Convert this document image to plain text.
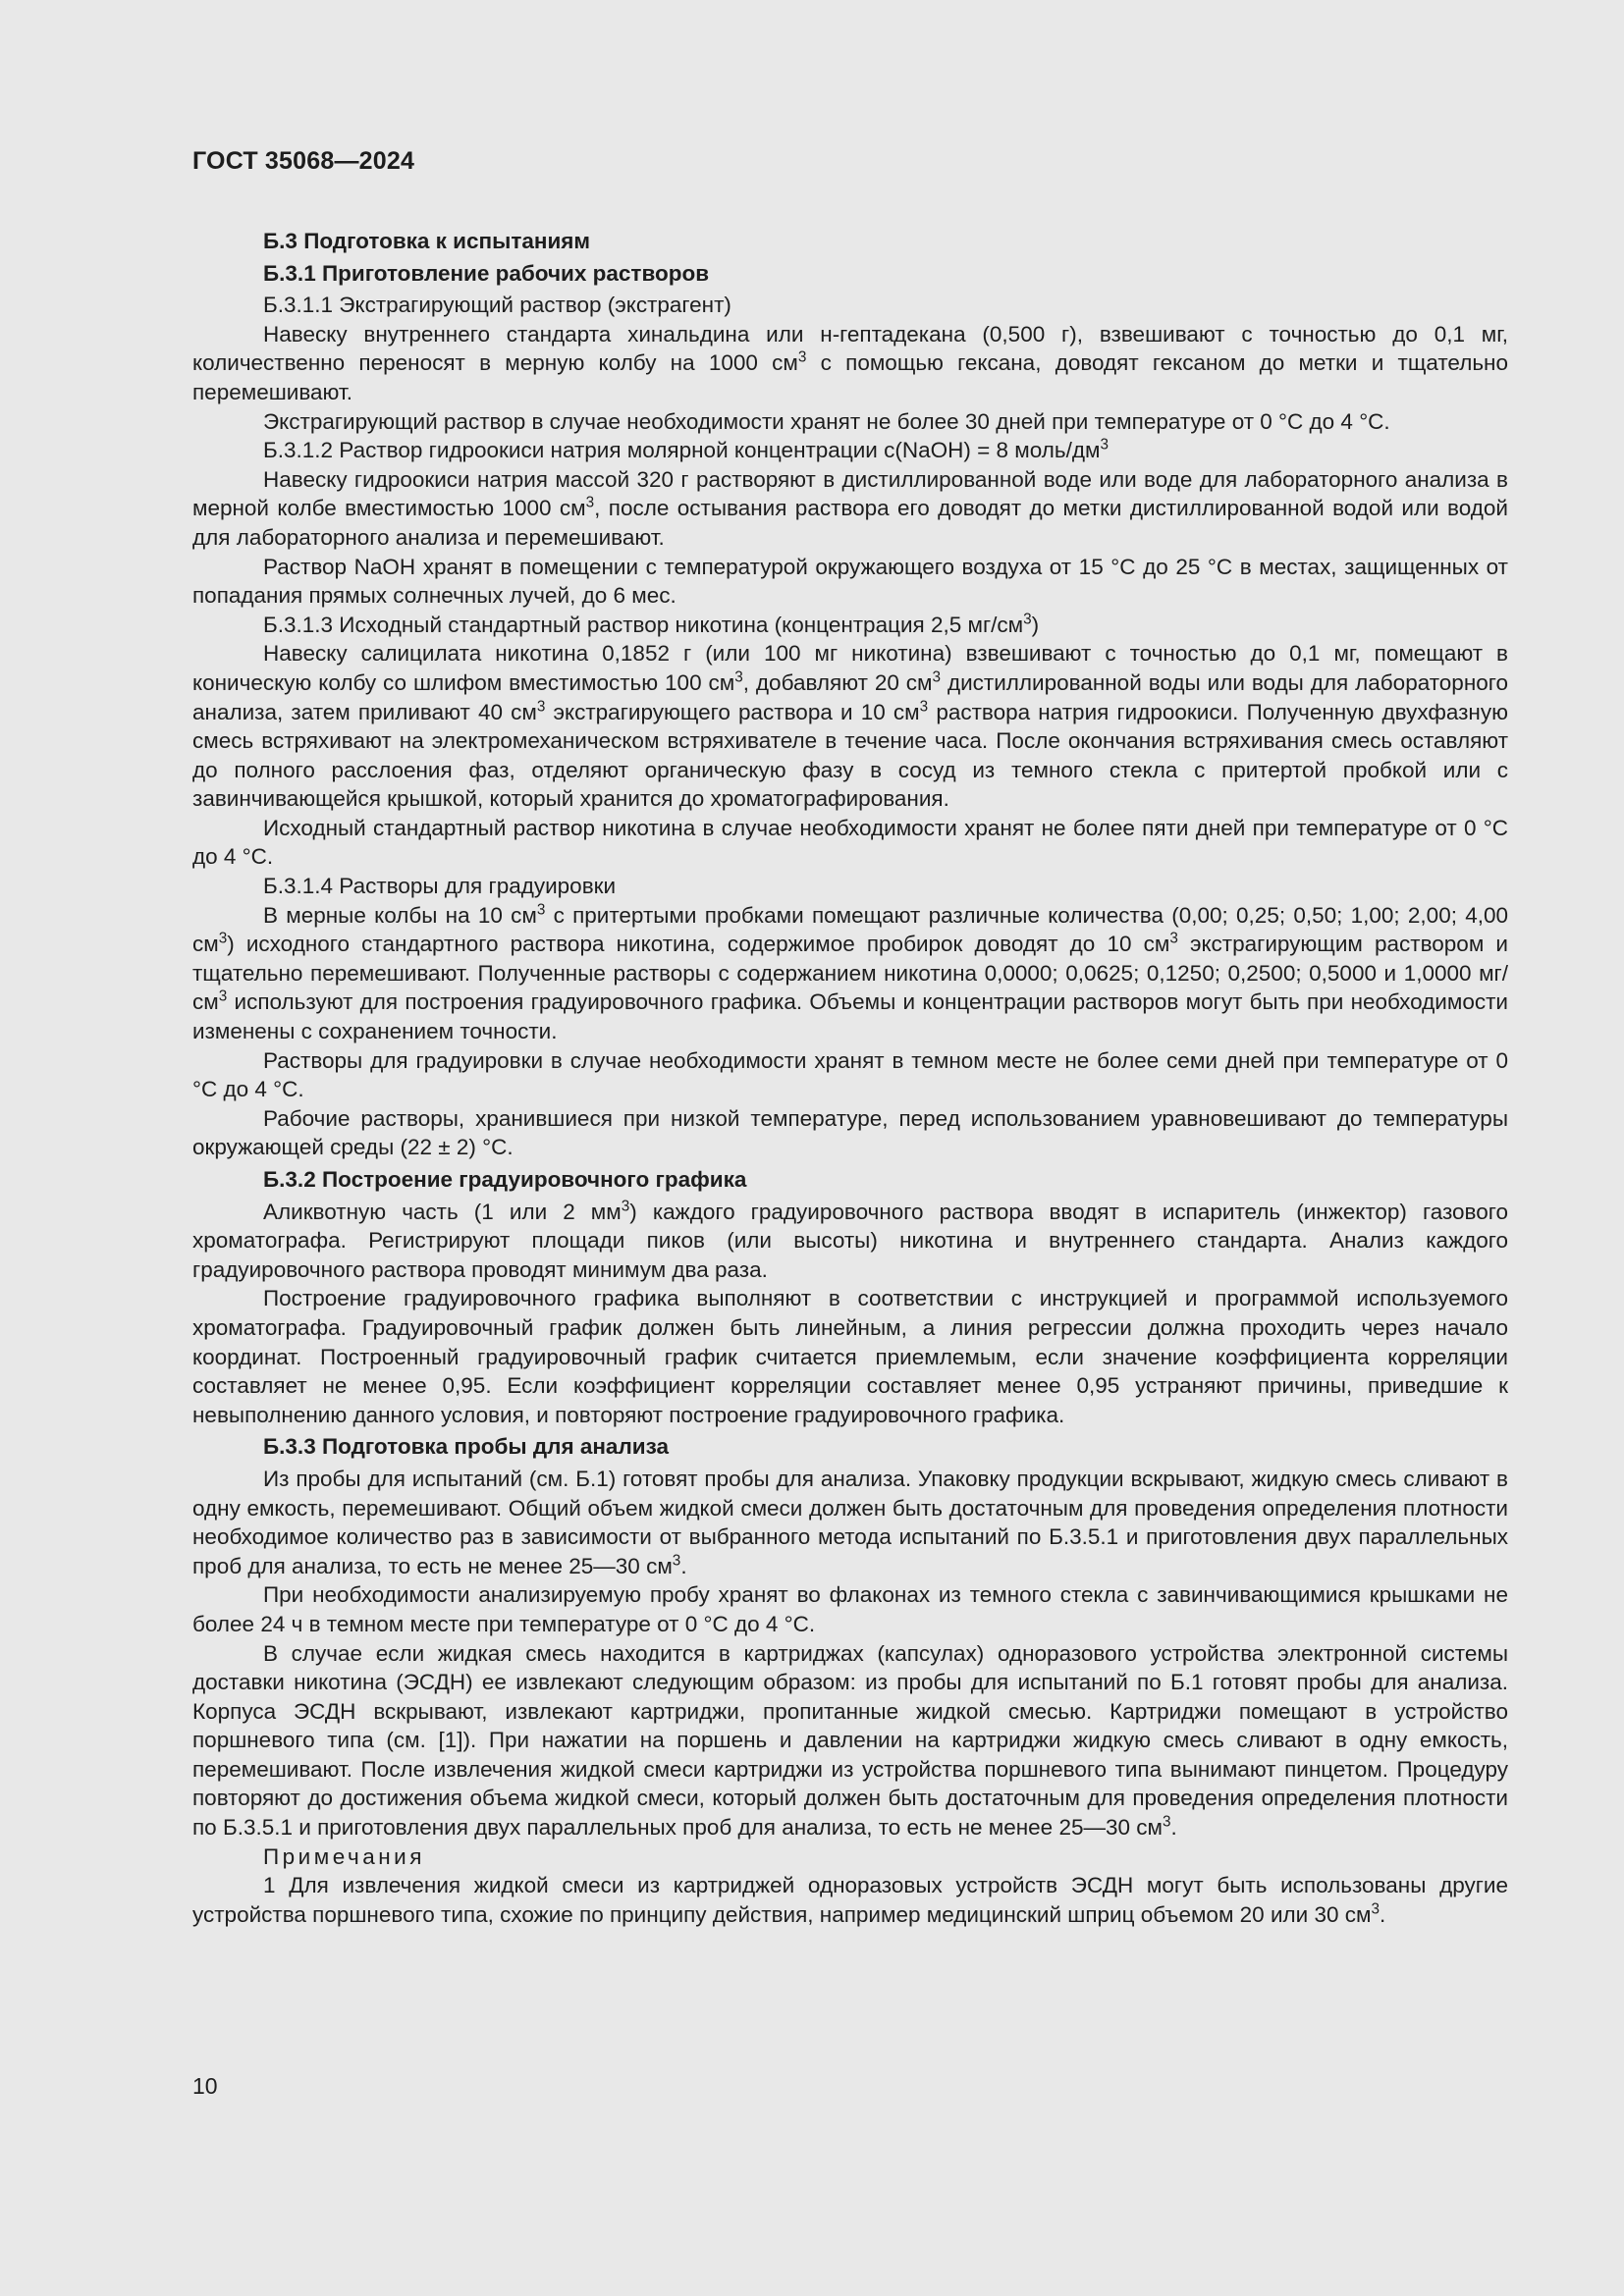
ГОСТ 35068—2024

Б.3 Подготовка к испытаниям

Б.3.1 Приготовление рабочих растворов

Б.3.1.1 Экстрагирующий раствор (экстрагент)

Навеску внутреннего стандарта хинальдина или н-гептадекана (0,500 г), взвешивают с точностью до 0,1 мг, количественно переносят в мерную колбу на 1000 $см^3$ с помощью гексана, доводят гексаном до метки и тщательно перемешивают.

Экстрагирующий раствор в случае необходимости хранят не более 30 дней при температуре от 0 °С до 4 °С.

Б.3.1.2 Раствор гидроокиси натрия молярной концентрации c(NaOH) = 8 моль/$дм^3$

Навеску гидроокиси натрия массой 320 г растворяют в дистиллированной воде или воде для лабораторного анализа в мерной колбе вместимостью 1000 $см^3$, после остывания раствора его доводят до метки дистиллированной водой или водой для лабораторного анализа и перемешивают.

Раствор NaOH хранят в помещении с температурой окружающего воздуха от 15 °С до 25 °С в местах, защищенных от попадания прямых солнечных лучей, до 6 мес.

Б.3.1.3 Исходный стандартный раствор никотина (концентрация 2,5 $мг/см^3$)

Навеску салицилата никотина 0,1852 г (или 100 мг никотина) взвешивают с точностью до 0,1 мг, помещают в коническую колбу со шлифом вместимостью 100 $см^3$, добавляют 20 $см^3$ дистиллированной воды или воды для лабораторного анализа, затем приливают 40 $см^3$ экстрагирующего раствора и 10 $см^3$ раствора натрия гидроокиси. Полученную двухфазную смесь встряхивают на электромеханическом встряхивателе в течение часа. После окончания встряхивания смесь оставляют до полного расслоения фаз, отделяют органическую фазу в сосуд из темного стекла с притертой пробкой или с завинчивающейся крышкой, который хранится до хроматографирования.

Исходный стандартный раствор никотина в случае необходимости хранят не более пяти дней при температуре от 0 °С до 4 °С.

Б.3.1.4 Растворы для градуировки

В мерные колбы на 10 $см^3$ с притертыми пробками помещают различные количества (0,00; 0,25; 0,50; 1,00; 2,00; 4,00 $см^3$) исходного стандартного раствора никотина, содержимое пробирок доводят до 10 $см^3$ экстрагирующим раствором и тщательно перемешивают. Полученные растворы с содержанием никотина 0,0000; 0,0625; 0,1250; 0,2500; 0,5000 и 1,0000 $мг/см^3$ используют для построения градуировочного графика. Объемы и концентрации растворов могут быть при необходимости изменены с сохранением точности.

Растворы для градуировки в случае необходимости хранят в темном месте не более семи дней при температуре от 0 °С до 4 °С.

Рабочие растворы, хранившиеся при низкой температуре, перед использованием уравновешивают до температуры окружающей среды (22 ± 2) °С.

Б.3.2 Построение градуировочного графика

Аликвотную часть (1 или 2 $мм^3$) каждого градуировочного раствора вводят в испаритель (инжектор) газового хроматографа. Регистрируют площади пиков (или высоты) никотина и внутреннего стандарта. Анализ каждого градуировочного раствора проводят минимум два раза.

Построение градуировочного графика выполняют в соответствии с инструкцией и программой используемого хроматографа. Градуировочный график должен быть линейным, а линия регрессии должна проходить через начало координат. Построенный градуировочный график считается приемлемым, если значение коэффициента корреляции составляет не менее 0,95. Если коэффициент корреляции составляет менее 0,95 устраняют причины, приведшие к невыполнению данного условия, и повторяют построение градуировочного графика.

Б.3.3 Подготовка пробы для анализа

Из пробы для испытаний (см. Б.1) готовят пробы для анализа. Упаковку продукции вскрывают, жидкую смесь сливают в одну емкость, перемешивают. Общий объем жидкой смеси должен быть достаточным для проведения определения плотности необходимое количество раз в зависимости от выбранного метода испытаний по Б.3.5.1 и приготовления двух параллельных проб для анализа, то есть не менее 25—30 $см^3$.

При необходимости анализируемую пробу хранят во флаконах из темного стекла с завинчивающимися крышками не более 24 ч в темном месте при температуре от 0 °С до 4 °С.

В случае если жидкая смесь находится в картриджах (капсулах) одноразового устройства электронной системы доставки никотина (ЭСДН) ее извлекают следующим образом: из пробы для испытаний по Б.1 готовят пробы для анализа. Корпуса ЭСДН вскрывают, извлекают картриджи, пропитанные жидкой смесью. Картриджи помещают в устройство поршневого типа (см. [1]). При нажатии на поршень и давлении на картриджи жидкую смесь сливают в одну емкость, перемешивают. После извлечения жидкой смеси картриджи из устройства поршневого типа вынимают пинцетом. Процедуру повторяют до достижения объема жидкой смеси, который должен быть достаточным для проведения определения плотности по Б.3.5.1 и приготовления двух параллельных проб для анализа, то есть не менее 25—30 $см^3$.

Примечания

1 Для извлечения жидкой смеси из картриджей одноразовых устройств ЭСДН могут быть использованы другие устройства поршневого типа, схожие по принципу действия, например медицинский шприц объемом 20 или 30 $см^3$.

10
